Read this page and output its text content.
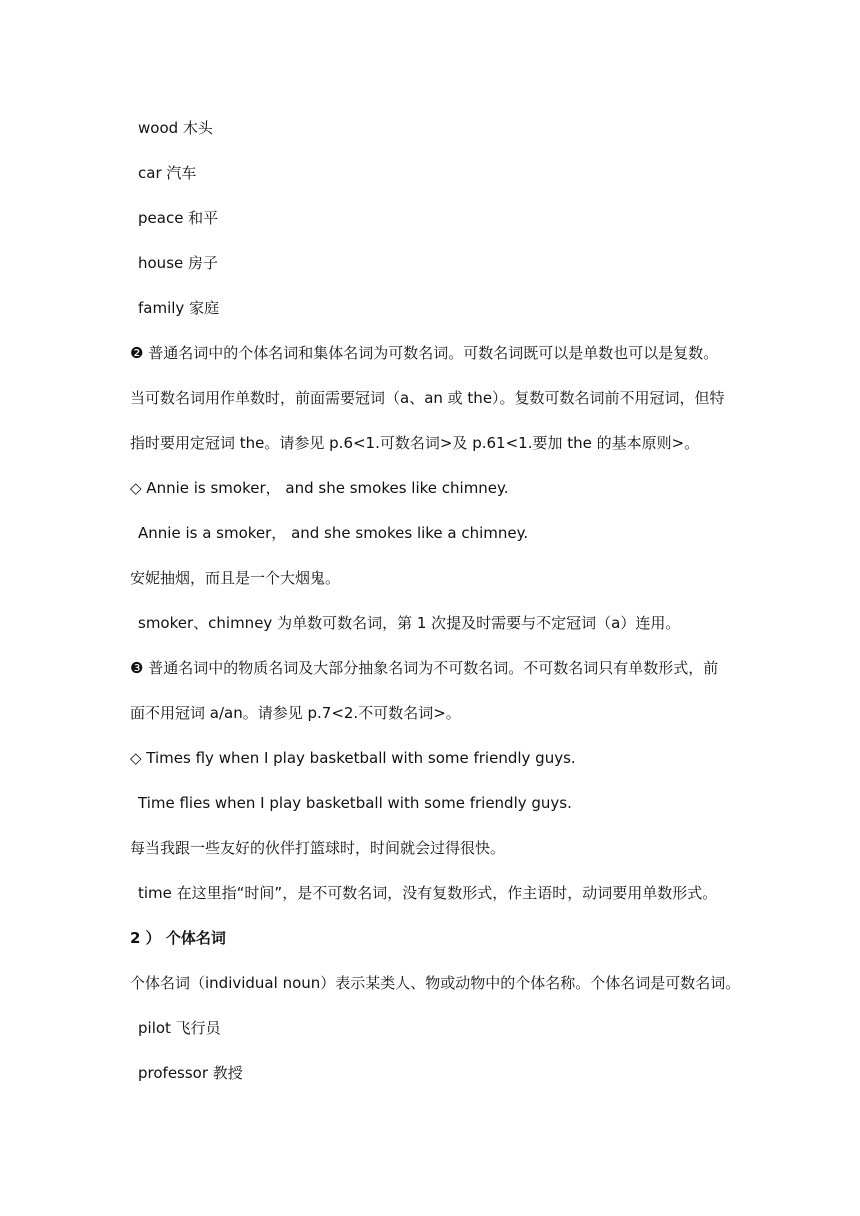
wood 木头
car 汽车
peace 和平
house 房子
family 家庭
❷ 普通名词中的个体名词和集体名词为可数名词。可数名词既可以是单数也可以是复数。
当可数名词用作单数时，前面需要冠词（a、an 或 the）。复数可数名词前不用冠词，但特
指时要用定冠词 the。请参见 p.6<1.可数名词>及 p.61<1.要加 the 的基本原则>。
◇ Annie is smoker， and she smokes like chimney.
Annie is a smoker， and she smokes like a chimney.
安妮抽烟，而且是一个大烟鬼。
smoker、chimney 为单数可数名词，第 1 次提及时需要与不定冠词（a）连用。
❸ 普通名词中的物质名词及大部分抽象名词为不可数名词。不可数名词只有单数形式，前
面不用冠词 a/an。请参见 p.7<2.不可数名词>。
◇ Times fly when I play basketball with some friendly guys.
Time flies when I play basketball with some friendly guys.
每当我跟一些友好的伙伴打篮球时，时间就会过得很快。
time 在这里指“时间”，是不可数名词，没有复数形式，作主语时，动词要用单数形式。
2 ） 个体名词
个体名词（individual noun）表示某类人、物或动物中的个体名称。个体名词是可数名词。
pilot 飞行员
professor 教授
